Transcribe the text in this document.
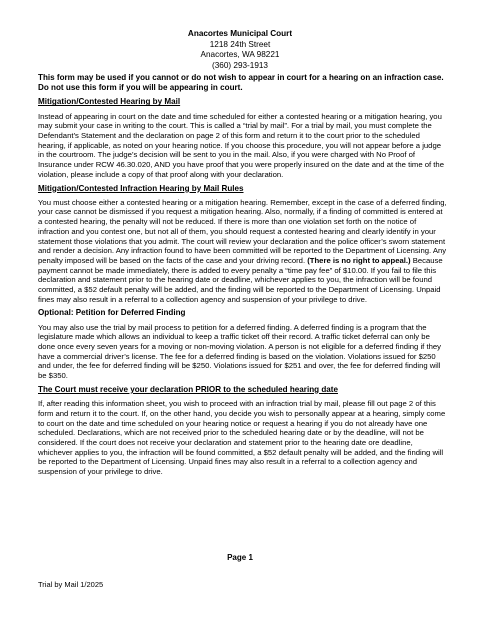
Anacortes Municipal Court
1218 24th Street
Anacortes, WA 98221
(360) 293-1913
This form may be used if you cannot or do not wish to appear in court for a hearing on an infraction case. Do not use this form if you will be appearing in court.
Mitigation/Contested Hearing by Mail

Instead of appearing in court on the date and time scheduled for either a contested hearing or a mitigation hearing, you may submit your case in writing to the court. This is called a “trial by mail”. For a trial by mail, you must complete the Defendant’s Statement and the declaration on page 2 of this form and return it to the court prior to the scheduled hearing, if applicable, as noted on your hearing notice. If you choose this procedure, you will not appear before a judge in the courtroom. The judge’s decision will be sent to you in the mail. Also, if you were charged with No Proof of Insurance under RCW 46.30.020, AND you have proof that you were properly insured on the date and at the time of the violation, please include a copy of that proof along with your declaration.

Mitigation/Contested Infraction Hearing by Mail Rules

You must choose either a contested hearing or a mitigation hearing. Remember, except in the case of a deferred finding, your case cannot be dismissed if you request a mitigation hearing. Also, normally, if a finding of committed is entered at a contested hearing, the penalty will not be reduced. If there is more than one violation set forth on the notice of infraction and you contest one, but not all of them, you should request a contested hearing and clearly identify in your statement those violations that you admit. The court will review your declaration and the police officer’s sworn statement and render a decision. Any infraction found to have been committed will be reported to the Department of Licensing. Any penalty imposed will be based on the facts of the case and your driving record. (There is no right to appeal.) Because payment cannot be made immediately, there is added to every penalty a “time pay fee” of $10.00. If you fail to file this declaration and statement prior to the hearing date or deadline, whichever applies to you, the infraction will be found committed, a $52 default penalty will be added, and the finding will be reported to the Department of Licensing. Unpaid fines may also result in a referral to a collection agency and suspension of your privilege to drive.

Optional: Petition for Deferred Finding

You may also use the trial by mail process to petition for a deferred finding. A deferred finding is a program that the legislature made which allows an individual to keep a traffic ticket off their record. A traffic ticket deferral can only be done once every seven years for a moving or non-moving violation. A person is not eligible for a deferred finding if they have a commercial driver’s license. The fee for a deferred finding is based on the violation. Violations issued for $250 and under, the fee for deferred finding will be $250. Violations issued for $251 and over, the fee for deferred finding will be $350.

The Court must receive your declaration PRIOR to the scheduled hearing date

If, after reading this information sheet, you wish to proceed with an infraction trial by mail, please fill out page 2 of this form and return it to the court. If, on the other hand, you decide you wish to personally appear at a hearing, simply come to court on the date and time scheduled on your hearing notice or request a hearing if you do not already have one scheduled. Declarations, which are not received prior to the scheduled hearing date or by the deadline, will not be considered. If the court does not receive your declaration and statement prior to the hearing date ore deadline, whichever applies to you, the infraction will be found committed, a $52 default penalty will be added, and the finding will be reported to the Department of Licensing. Unpaid fines may also result in a referral to a collection agency and suspension of your privilege to drive.

Page 1
Trial by Mail 1/2025
